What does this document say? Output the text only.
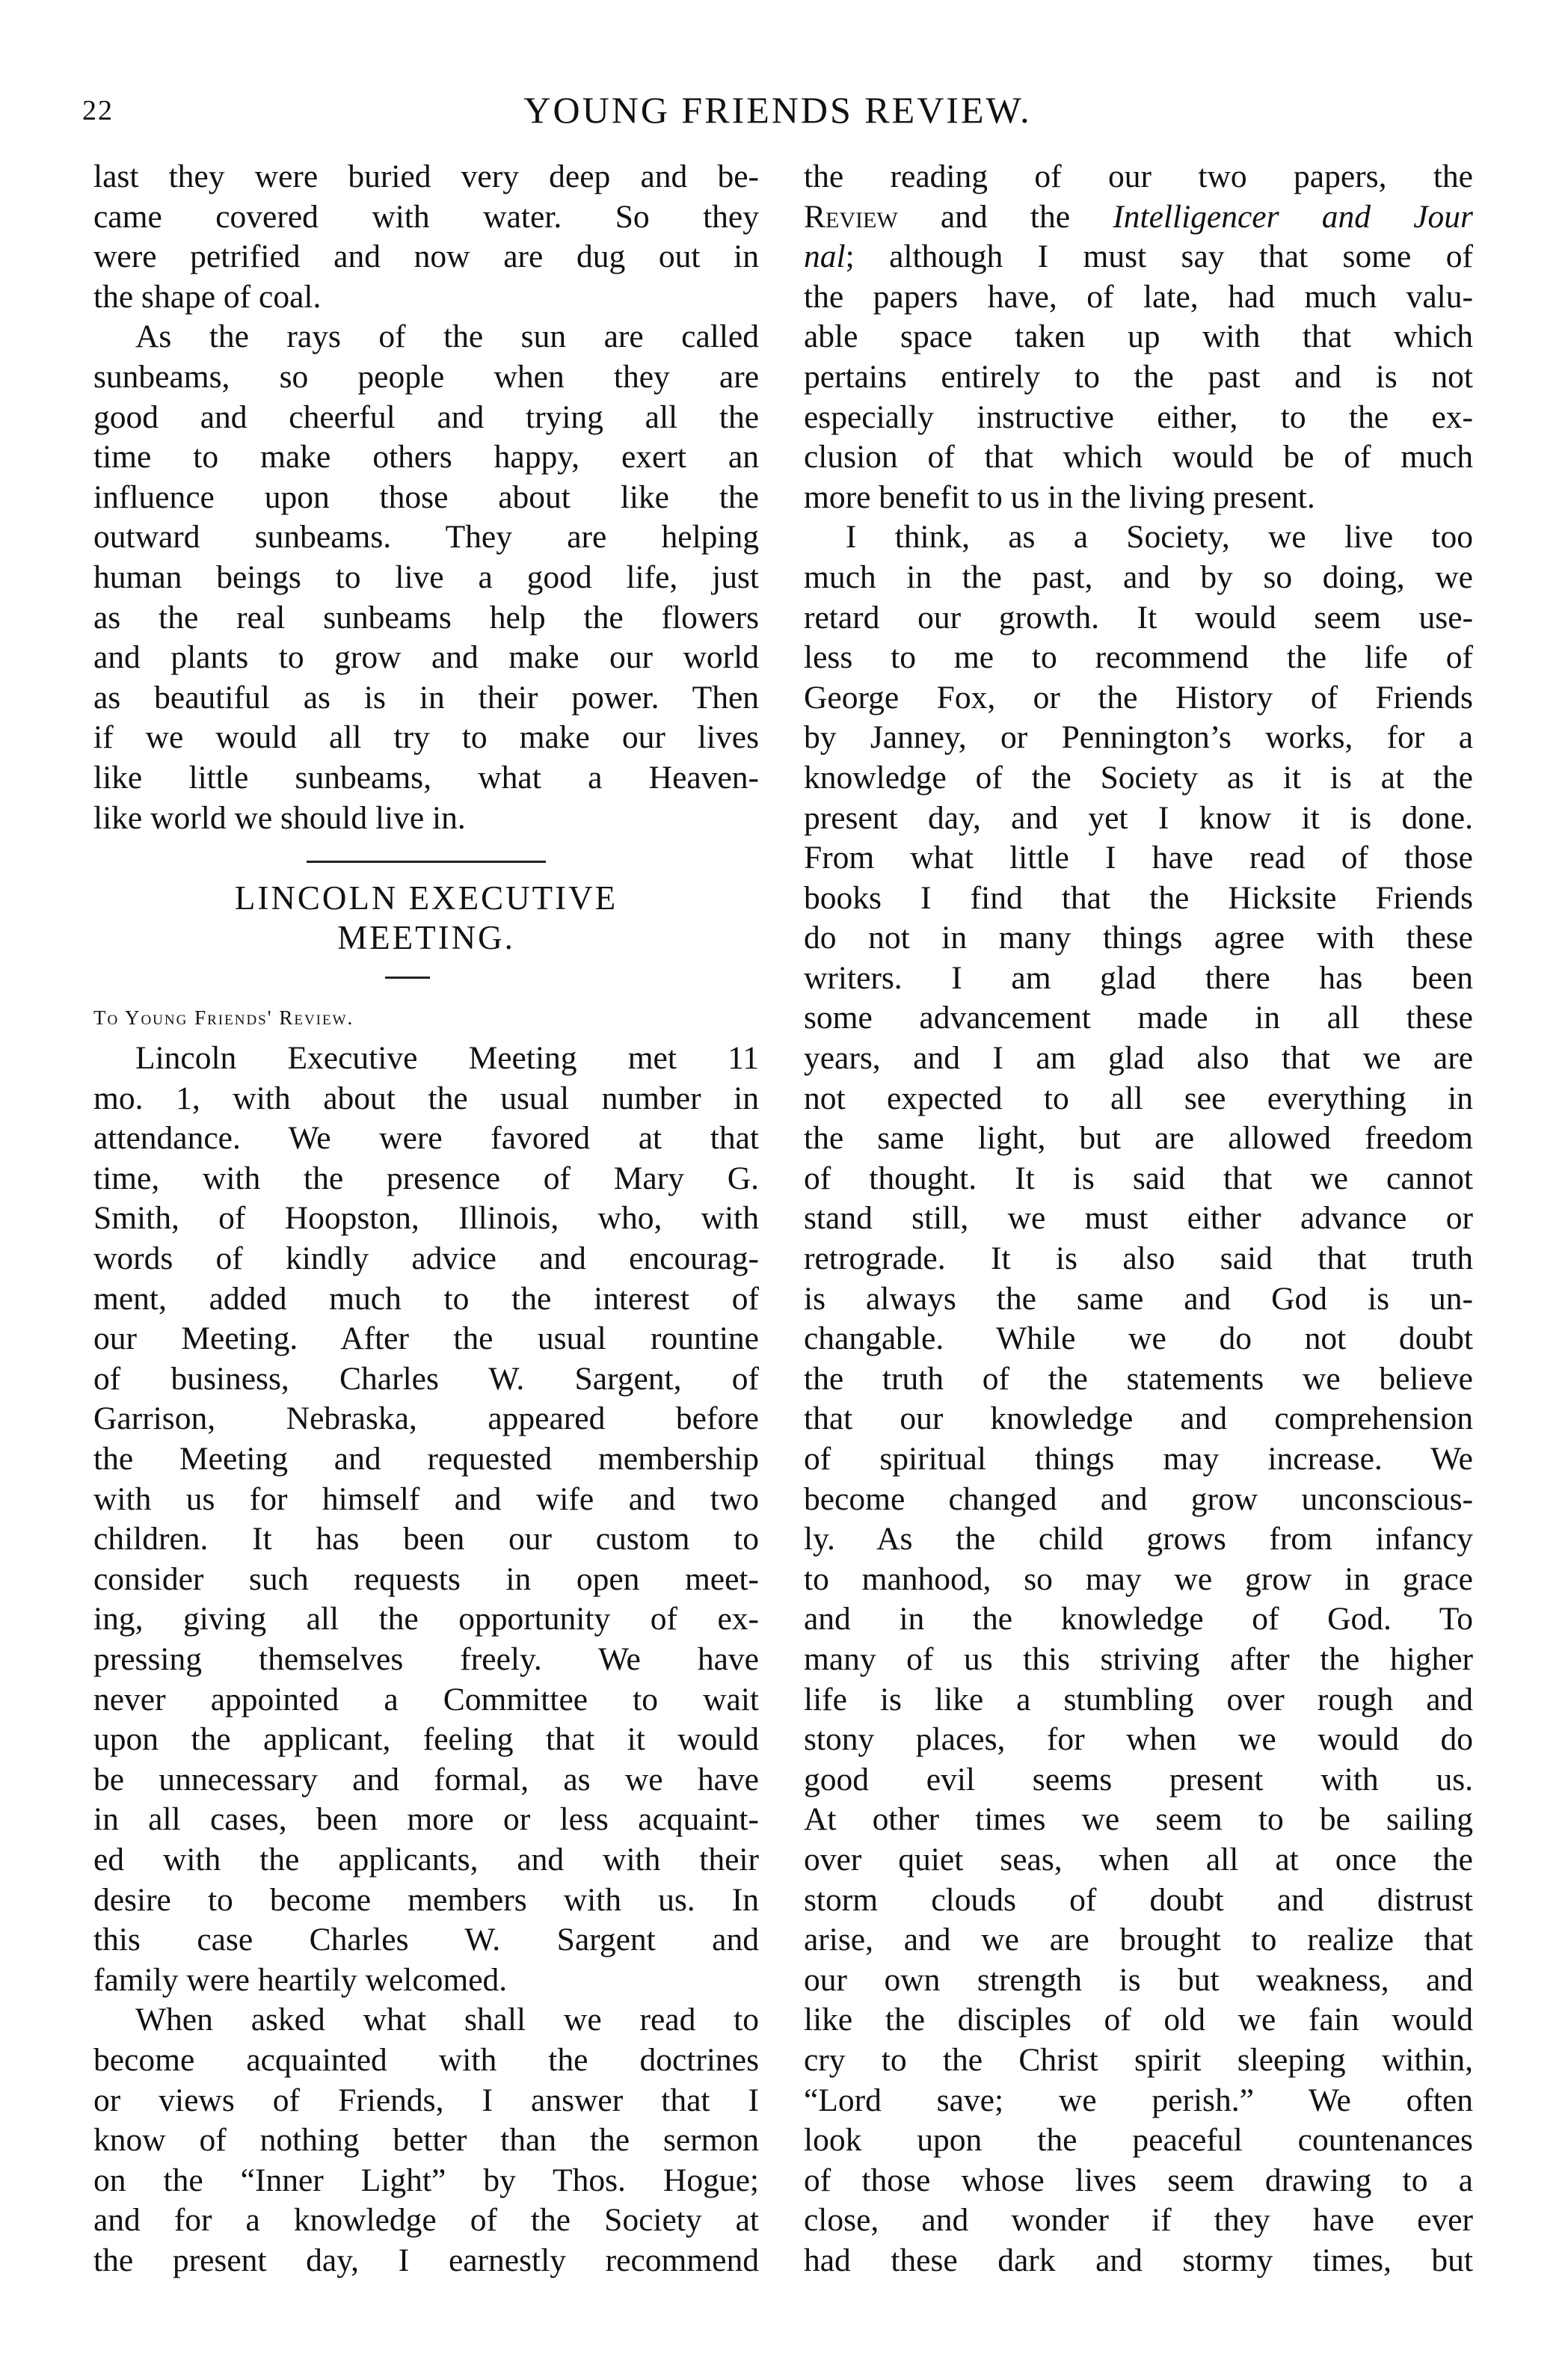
22	YOUNG FRIENDS REVIEW.
last they were buried very deep and be-
came covered with water. So they
were petrified and now are dug out in
the shape of coal.
As the rays of the sun are called
sunbeams, so people when they are
good and cheerful and trying all the
time to make others happy, exert an
influence upon those about like the
outward sunbeams. They are helping
human beings to live a good life, just
as the real sunbeams help the flowers
and plants to grow and make our world
as beautiful as is in their power. Then
if we would all try to make our lives
like little sunbeams, what a Heaven-
like world we should live in.
LINCOLN EXECUTIVE
MEETING.
To Young Friends' Review.
Lincoln Executive Meeting met 11
mo. 1, with about the usual number in
attendance. We were favored at that
time, with the presence of Mary G.
Smith, of Hoopston, Illinois, who, with
words of kindly advice and encourag-
ment, added much to the interest of
our Meeting. After the usual rountine
of business, Charles W. Sargent, of
Garrison, Nebraska, appeared before
the Meeting and requested membership
with us for himself and wife and two
children. It has been our custom to
consider such requests in open meet-
ing, giving all the opportunity of ex-
pressing themselves freely. We have
never appointed a Committee to wait
upon the applicant, feeling that it would
be unnecessary and formal, as we have
in all cases, been more or less acquaint-
ed with the applicants, and with their
desire to become members with us. In
this case Charles W. Sargent and
family were heartily welcomed.
When asked what shall we read to
become acquainted with the doctrines
or views of Friends, I answer that I
know of nothing better than the sermon
on the “Inner Light” by Thos. Hogue;
and for a knowledge of the Society at
the present day, I earnestly recommend
the reading of our two papers, the
Review and the Intelligencer and Jour
nal; although I must say that some of
the papers have, of late, had much valu-
able space taken up with that which
pertains entirely to the past and is not
especially instructive either, to the ex-
clusion of that which would be of much
more benefit to us in the living present.
I think, as a Society, we live too
much in the past, and by so doing, we
retard our growth. It would seem use-
less to me to recommend the life of
George Fox, or the History of Friends
by Janney, or Pennington’s works, for a
knowledge of the Society as it is at the
present day, and yet I know it is done.
From what little I have read of those
books I find that the Hicksite Friends
do not in many things agree with these
writers. I am glad there has been
some advancement made in all these
years, and I am glad also that we are
not expected to all see everything in
the same light, but are allowed freedom
of thought. It is said that we cannot
stand still, we must either advance or
retrograde. It is also said that truth
is always the same and God is un-
changable. While we do not doubt
the truth of the statements we believe
that our knowledge and comprehension
of spiritual things may increase. We
become changed and grow unconscious-
ly. As the child grows from infancy
to manhood, so may we grow in grace
and in the knowledge of God. To
many of us this striving after the higher
life is like a stumbling over rough and
stony places, for when we would do
good evil seems present with us.
At other times we seem to be sailing
over quiet seas, when all at once the
storm clouds of doubt and distrust
arise, and we are brought to realize that
our own strength is but weakness, and
like the disciples of old we fain would
cry to the Christ spirit sleeping within,
“Lord save; we perish.” We often
look upon the peaceful countenances
of those whose lives seem drawing to a
close, and wonder if they have ever
had these dark and stormy times, but
